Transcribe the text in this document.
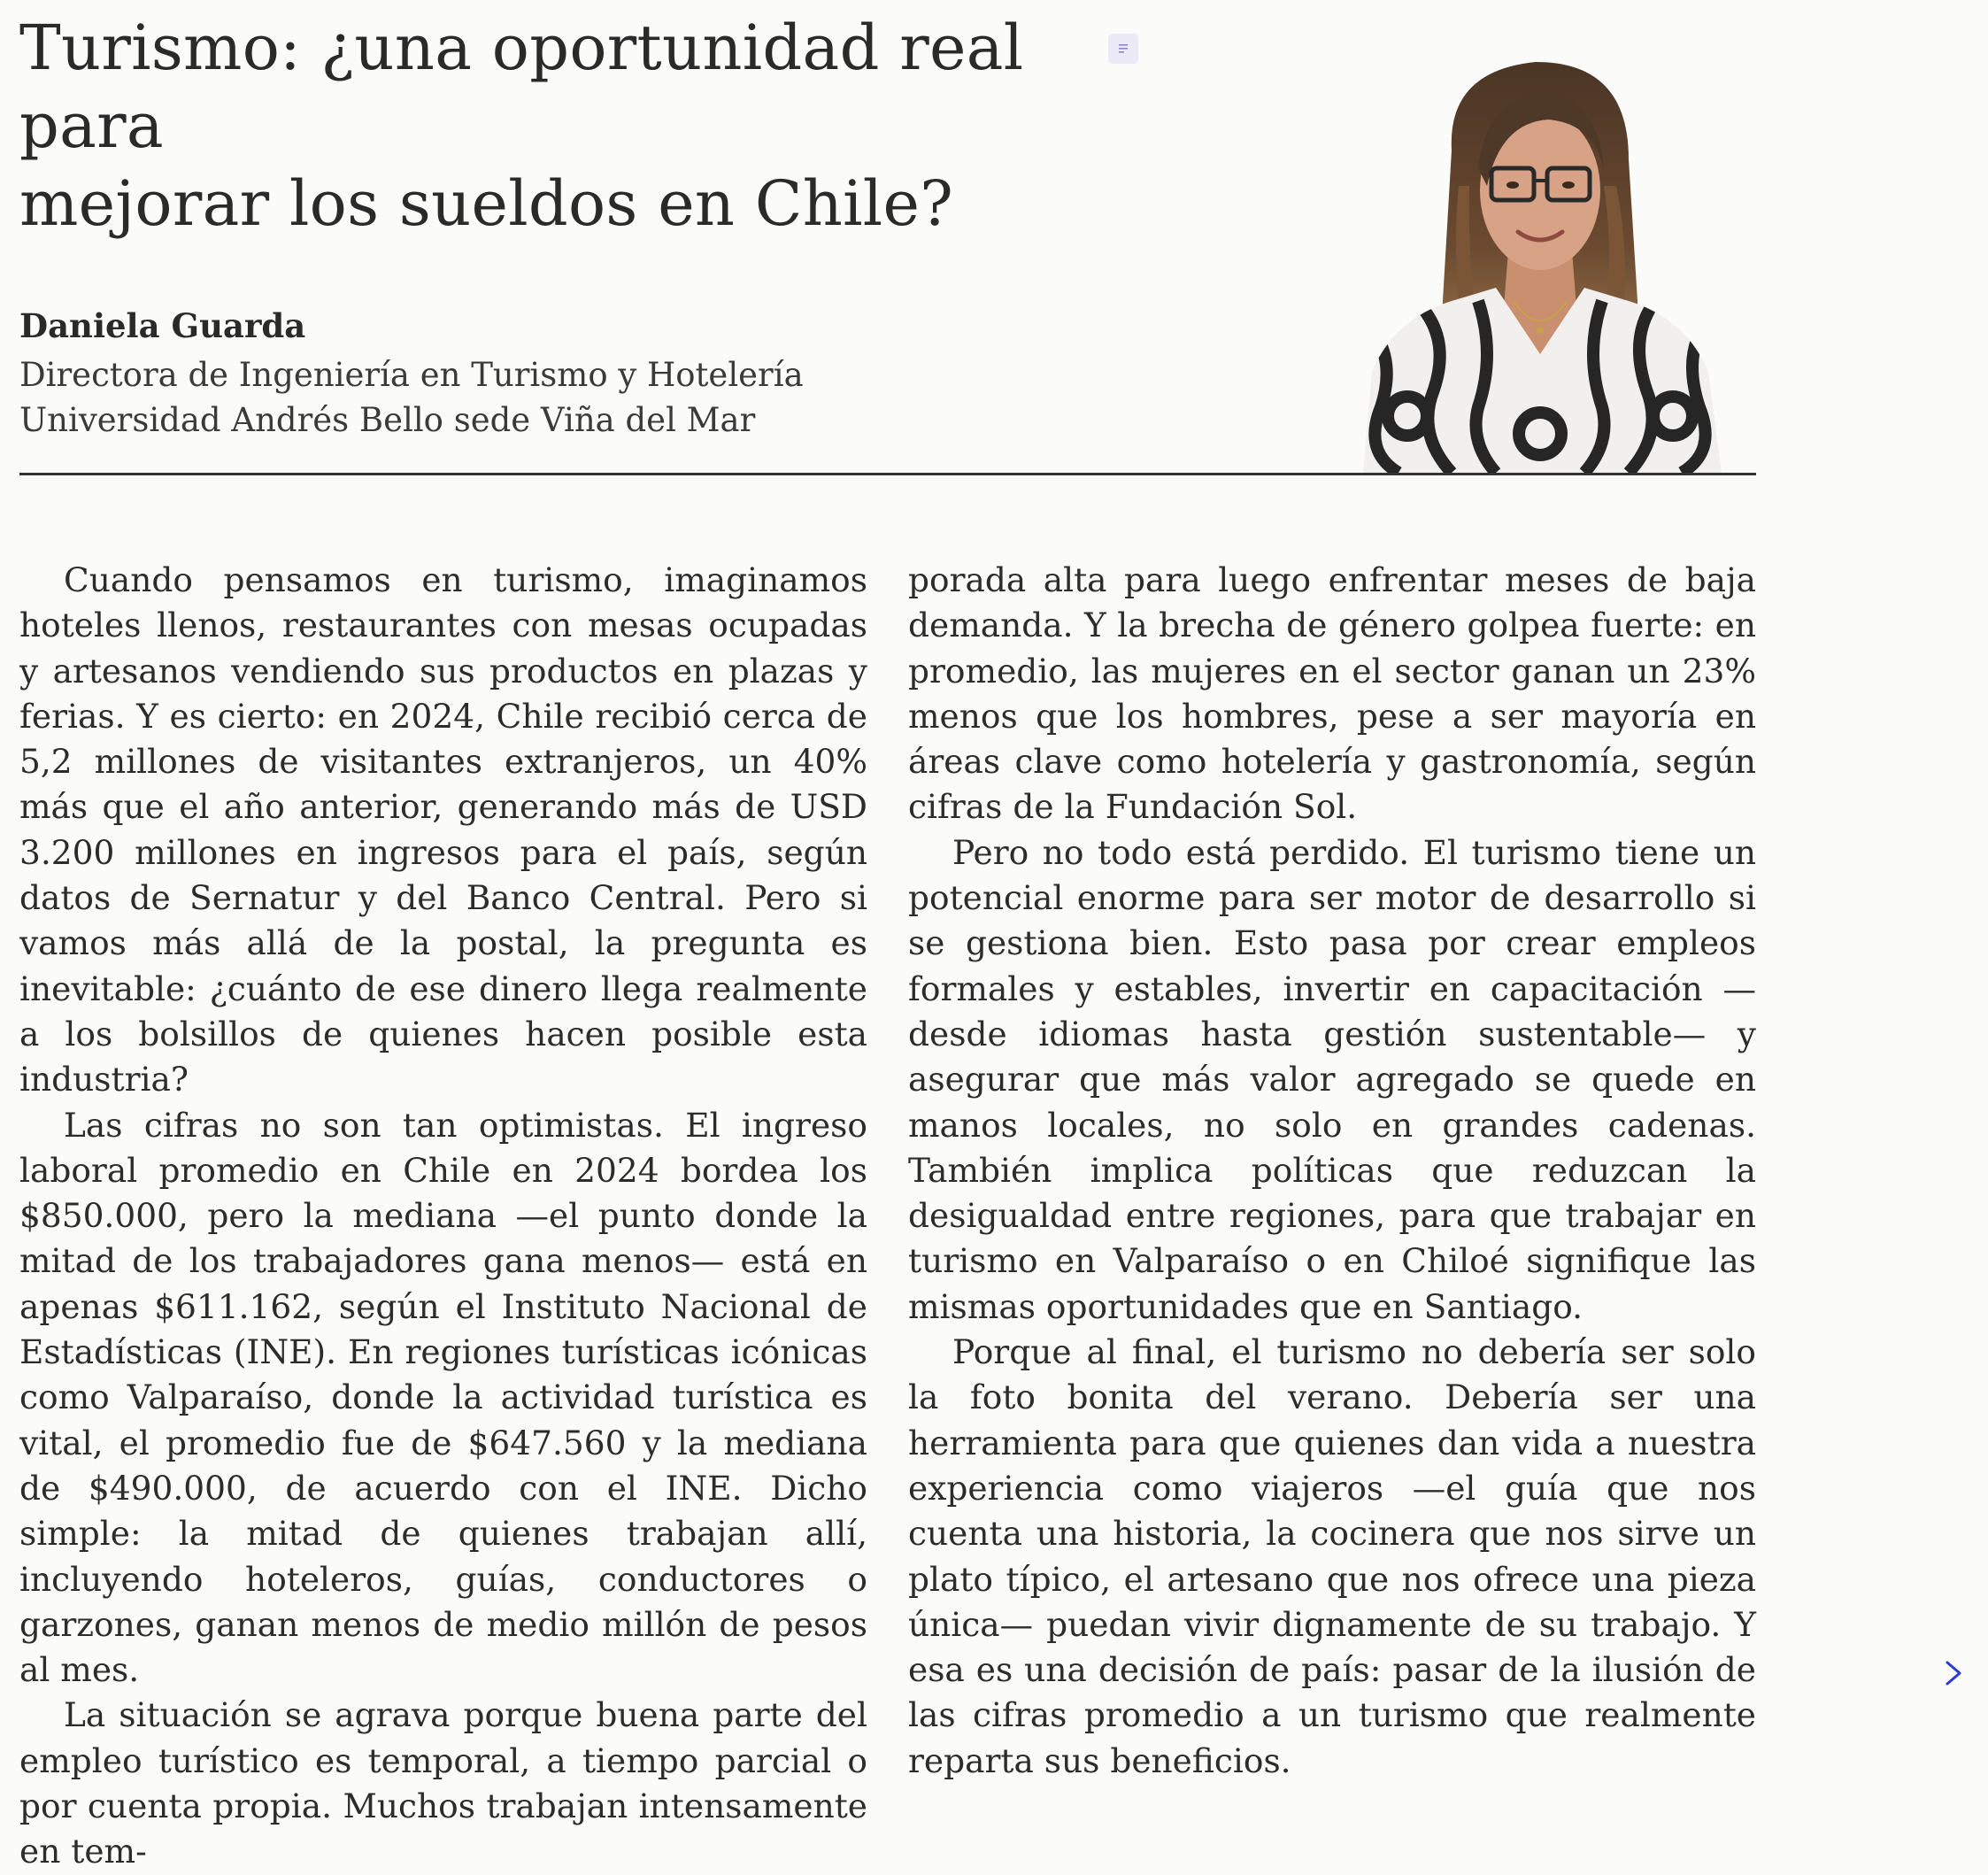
Turismo: ¿una oportunidad real para
mejorar los sueldos en Chile?
Daniela Guarda
Directora de Ingeniería en Turismo y Hotelería
Universidad Andrés Bello sede Viña del Mar

Cuando pensamos en turismo, imaginamos hoteles llenos, restaurantes con mesas ocupadas y artesanos vendiendo sus productos en plazas y ferias. Y es cierto: en 2024, Chile recibió cerca de 5,2 millones de visitantes extranjeros, un 40% más que el año anterior, generando más de USD 3.200 millones en ingresos para el país, según datos de Sernatur y del Banco Central. Pero si vamos más allá de la postal, la pregunta es inevitable: ¿cuánto de ese dinero llega realmente a los bolsillos de quienes hacen posible esta industria?

Las cifras no son tan optimistas. El ingreso laboral promedio en Chile en 2024 bordea los $850.000, pero la mediana —el punto donde la mitad de los trabajadores gana menos— está en apenas $611.162, según el Instituto Nacional de Estadísticas (INE). En regiones turísticas icónicas como Valparaíso, donde la actividad turística es vital, el promedio fue de $647.560 y la mediana de $490.000, de acuerdo con el INE. Dicho simple: la mitad de quienes trabajan allí, incluyendo hoteleros, guías, conductores o garzones, ganan menos de medio millón de pesos al mes.

La situación se agrava porque buena parte del empleo turístico es temporal, a tiempo parcial o por cuenta propia. Muchos trabajan intensamente en tem-

porada alta para luego enfrentar meses de baja demanda. Y la brecha de género golpea fuerte: en promedio, las mujeres en el sector ganan un 23% menos que los hombres, pese a ser mayoría en áreas clave como hotelería y gastronomía, según cifras de la Fundación Sol.

Pero no todo está perdido. El turismo tiene un potencial enorme para ser motor de desarrollo si se gestiona bien. Esto pasa por crear empleos formales y estables, invertir en capacitación —desde idiomas hasta gestión sustentable— y asegurar que más valor agregado se quede en manos locales, no solo en grandes cadenas. También implica políticas que reduzcan la desigualdad entre regiones, para que trabajar en turismo en Valparaíso o en Chiloé signifique las mismas oportunidades que en Santiago.

Porque al final, el turismo no debería ser solo la foto bonita del verano. Debería ser una herramienta para que quienes dan vida a nuestra experiencia como viajeros —el guía que nos cuenta una historia, la cocinera que nos sirve un plato típico, el artesano que nos ofrece una pieza única— puedan vivir dignamente de su trabajo. Y esa es una decisión de país: pasar de la ilusión de las cifras promedio a un turismo que realmente reparta sus beneficios.
